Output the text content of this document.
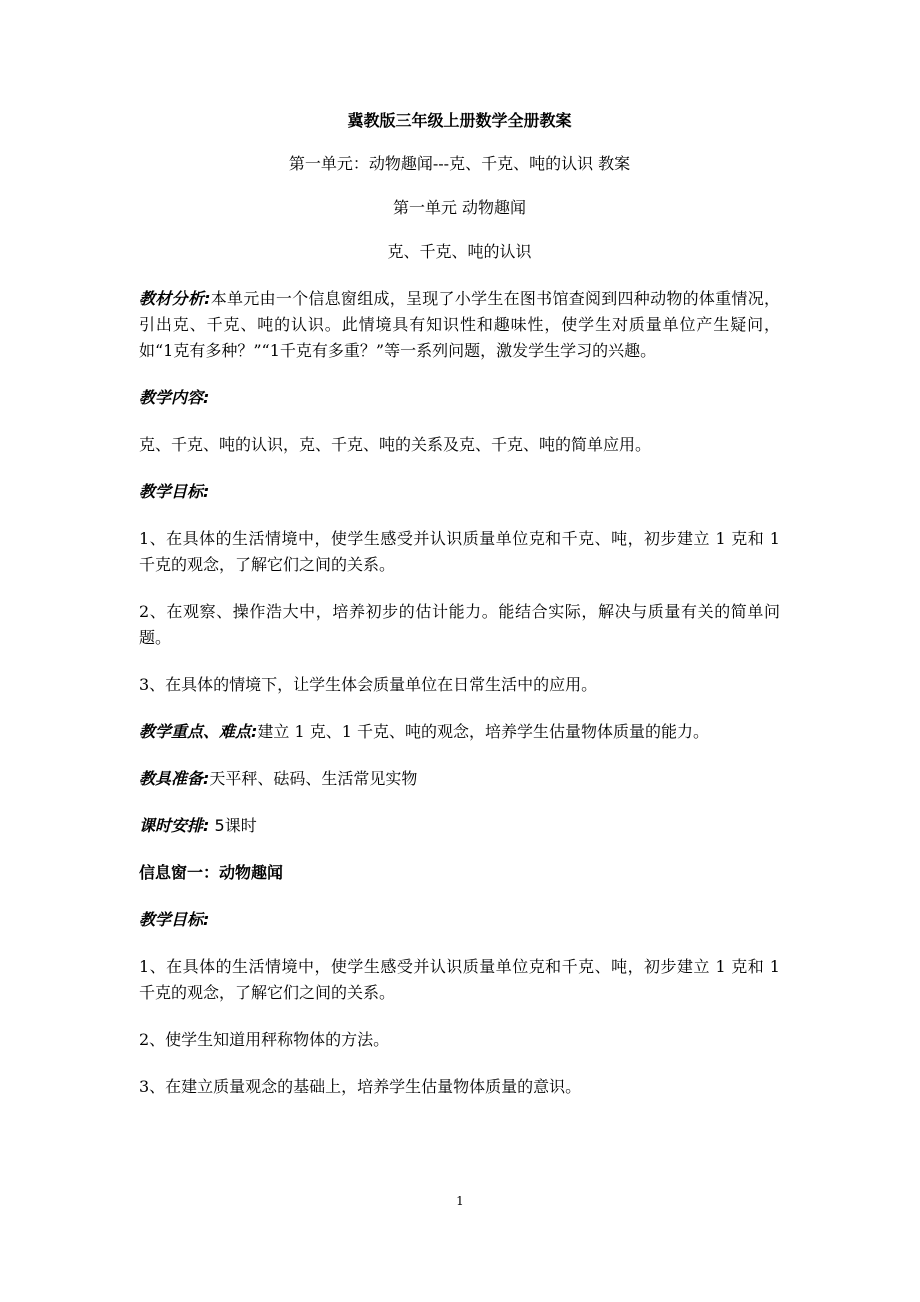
冀教版三年级上册数学全册教案
第一单元：动物趣闻---克、千克、吨的认识 教案
第一单元 动物趣闻
克、千克、吨的认识
教材分析:本单元由一个信息窗组成，呈现了小学生在图书馆查阅到四种动物的体重情况，引出克、千克、吨的认识。此情境具有知识性和趣味性，使学生对质量单位产生疑问，如“1克有多种？”“1千克有多重？”等一系列问题，激发学生学习的兴趣。
教学内容:
克、千克、吨的认识，克、千克、吨的关系及克、千克、吨的简单应用。
教学目标:
1、在具体的生活情境中，使学生感受并认识质量单位克和千克、吨，初步建立 1 克和 1 千克的观念，了解它们之间的关系。
2、在观察、操作浩大中，培养初步的估计能力。能结合实际，解决与质量有关的简单问题。
3、在具体的情境下，让学生体会质量单位在日常生活中的应用。
教学重点、难点:建立 1 克、1 千克、吨的观念，培养学生估量物体质量的能力。
教具准备:天平秤、砝码、生活常见实物
课时安排: 5课时
信息窗一：动物趣闻
教学目标:
1、在具体的生活情境中，使学生感受并认识质量单位克和千克、吨，初步建立 1 克和 1 千克的观念，了解它们之间的关系。
2、使学生知道用秤称物体的方法。
3、在建立质量观念的基础上，培养学生估量物体质量的意识。
1
